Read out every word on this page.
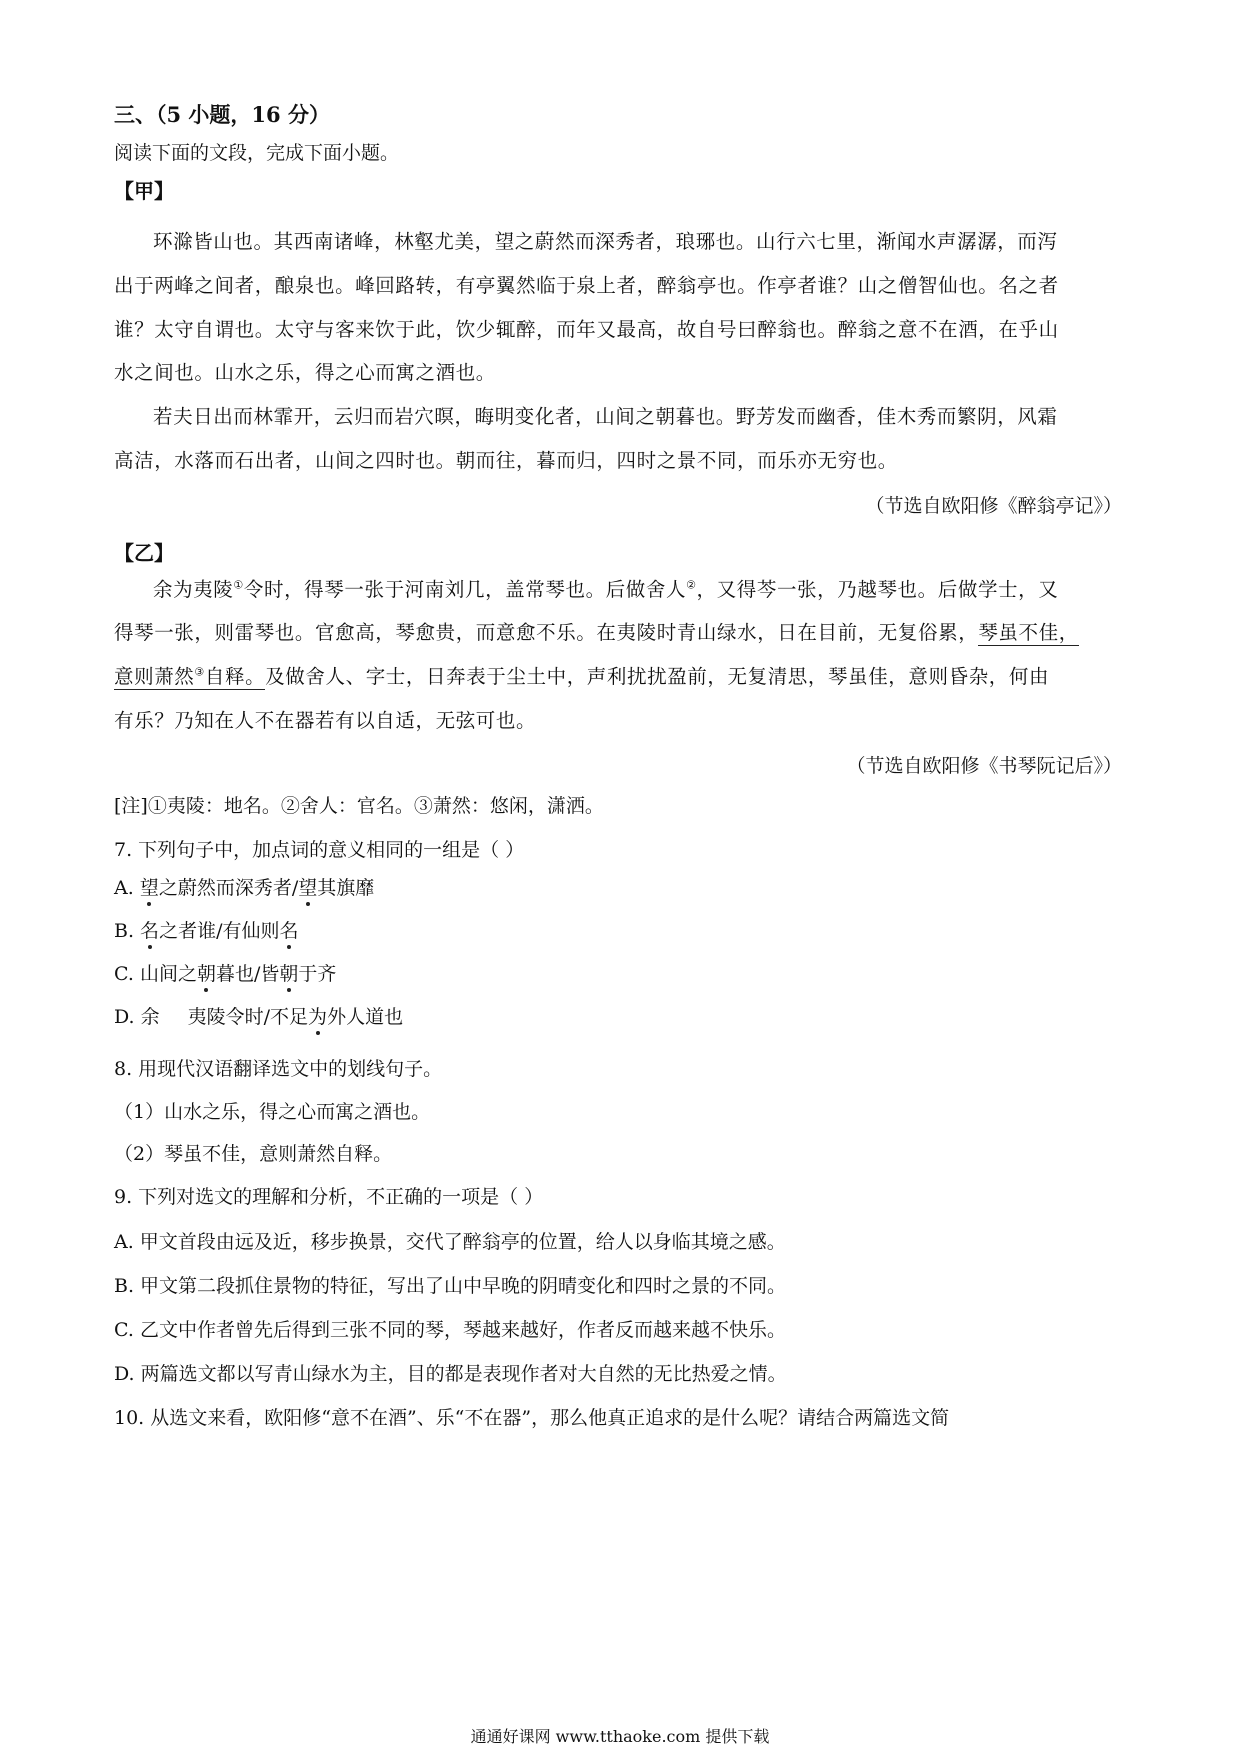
三、（5 小题，16 分）
阅读下面的文段，完成下面小题。
【甲】
环滁皆山也。其西南诸峰，林壑尤美，望之蔚然而深秀者，琅琊也。山行六七里，渐闻水声潺潺，而泻
出于两峰之间者，酿泉也。峰回路转，有亭翼然临于泉上者，醉翁亭也。作亭者谁？山之僧智仙也。名之者
谁？太守自谓也。太守与客来饮于此，饮少辄醉，而年又最高，故自号曰醉翁也。醉翁之意不在酒，在乎山
水之间也。山水之乐，得之心而寓之酒也。
若夫日出而林霏开，云归而岩穴暝，晦明变化者，山间之朝暮也。野芳发而幽香，佳木秀而繁阴，风霜
高洁，水落而石出者，山间之四时也。朝而往，暮而归，四时之景不同，而乐亦无穷也。
（节选自欧阳修《醉翁亭记》）
【乙】
余为夷陵①令时，得琴一张于河南刘几，盖常琴也。后做舍人②，又得芩一张，乃越琴也。后做学士，又
得琴一张，则雷琴也。官愈高，琴愈贵，而意愈不乐。在夷陵时青山绿水，日在目前，无复俗累，琴虽不佳，
意则萧然③自释。及做舍人、字士，日奔表于尘土中，声利扰扰盈前，无复清思，琴虽佳，意则昏杂，何由
有乐？乃知在人不在器若有以自适，无弦可也。
（节选自欧阳修《书琴阮记后》）
[注]①夷陵：地名。②舍人：官名。③萧然：悠闲，潇洒。
7. 下列句子中，加点词的意义相同的一组是（ ）
A. 望之蔚然而深秀者/望其旗靡
B. 名之者谁/有仙则名
C. 山间之朝暮也/皆朝于齐
D. 余 夷陵令时/不足为外人道也
8. 用现代汉语翻译选文中的划线句子。
（1）山水之乐，得之心而寓之酒也。
（2）琴虽不佳，意则萧然自释。
9. 下列对选文的理解和分析，不正确的一项是（ ）
A. 甲文首段由远及近，移步换景，交代了醉翁亭的位置，给人以身临其境之感。
B. 甲文第二段抓住景物的特征，写出了山中早晚的阴晴变化和四时之景的不同。
C. 乙文中作者曾先后得到三张不同的琴，琴越来越好，作者反而越来越不快乐。
D. 两篇选文都以写青山绿水为主，目的都是表现作者对大自然的无比热爱之情。
10. 从选文来看，欧阳修“意不在酒”、乐“不在器”，那么他真正追求的是什么呢？请结合两篇选文简
通通好课网 www.tthaoke.com 提供下载
